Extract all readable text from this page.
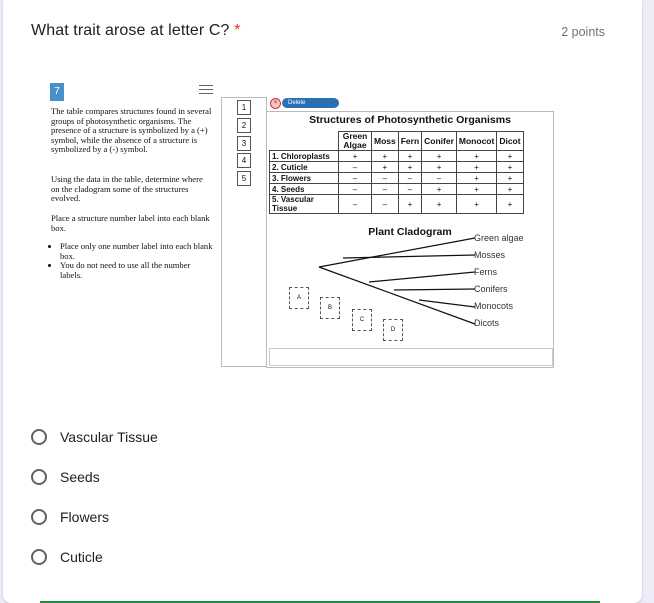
What trait arose at letter C? *	2 points
7
The table compares structures found in several groups of photosynthetic organisms. The presence of a structure is symbolized by a (+) symbol, while the absence of a structure is symbolized by a (-) symbol.
Using the data in the table, determine where on the cladogram some of the structures evolved.
Place a structure number label into each blank box.
• Place only one number label into each blank box.
• You do not need to use all the number labels.
1
2
3
4
5
×	Delete
Structures of Photosynthetic Organisms
	Green Algae	Moss	Fern	Conifer	Monocot	Dicot
1. Chloroplasts	+	+	+	+	+	+
2. Cuticle	–	+	+	+	+	+
3. Flowers	–	–	–	–	+	+
4. Seeds	–	–	–	+	+	+
5. Vascular Tissue	–	–	+	+	+	+
Plant Cladogram	Green algae
Mosses
Ferns
Conifers
Monocots
Dicots
A
B
C
D
Vascular Tissue
Seeds
Flowers
Cuticle
